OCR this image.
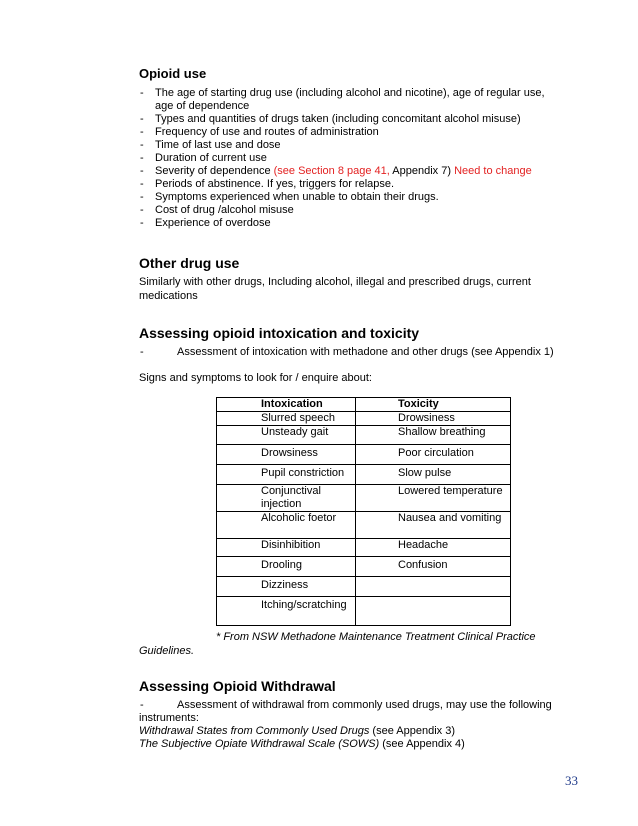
Opioid use
- The age of starting drug use (including alcohol and nicotine), age of regular use,
age of dependence
- Types and quantities of drugs taken (including concomitant alcohol misuse)
- Frequency of use and routes of administration
- Time of last use and dose
- Duration of current use
- Severity of dependence (see Section 8 page 41, Appendix 7) Need to change
- Periods of abstinence. If yes, triggers for relapse.
- Symptoms experienced when unable to obtain their drugs.
- Cost of drug /alcohol misuse
- Experience of overdose
Other drug use
Similarly with other drugs, Including alcohol, illegal and prescribed drugs, current
medications
Assessing opioid intoxication and toxicity
-	Assessment of intoxication with methadone and other drugs (see Appendix 1)
Signs and symptoms to look for / enquire about:
Intoxication	Toxicity
Slurred speech	Drowsiness
Unsteady gait	Shallow breathing
Drowsiness	Poor circulation
Pupil constriction	Slow pulse
Conjunctival injection	Lowered temperature
Alcoholic foetor	Nausea and vomiting
Disinhibition	Headache
Drooling	Confusion
Dizziness	
Itching/scratching	
* From NSW Methadone Maintenance Treatment Clinical Practice
Guidelines.
Assessing Opioid Withdrawal
-	Assessment of withdrawal from commonly used drugs, may use the following
instruments:
Withdrawal States from Commonly Used Drugs (see Appendix 3)
The Subjective Opiate Withdrawal Scale (SOWS) (see Appendix 4)
33
